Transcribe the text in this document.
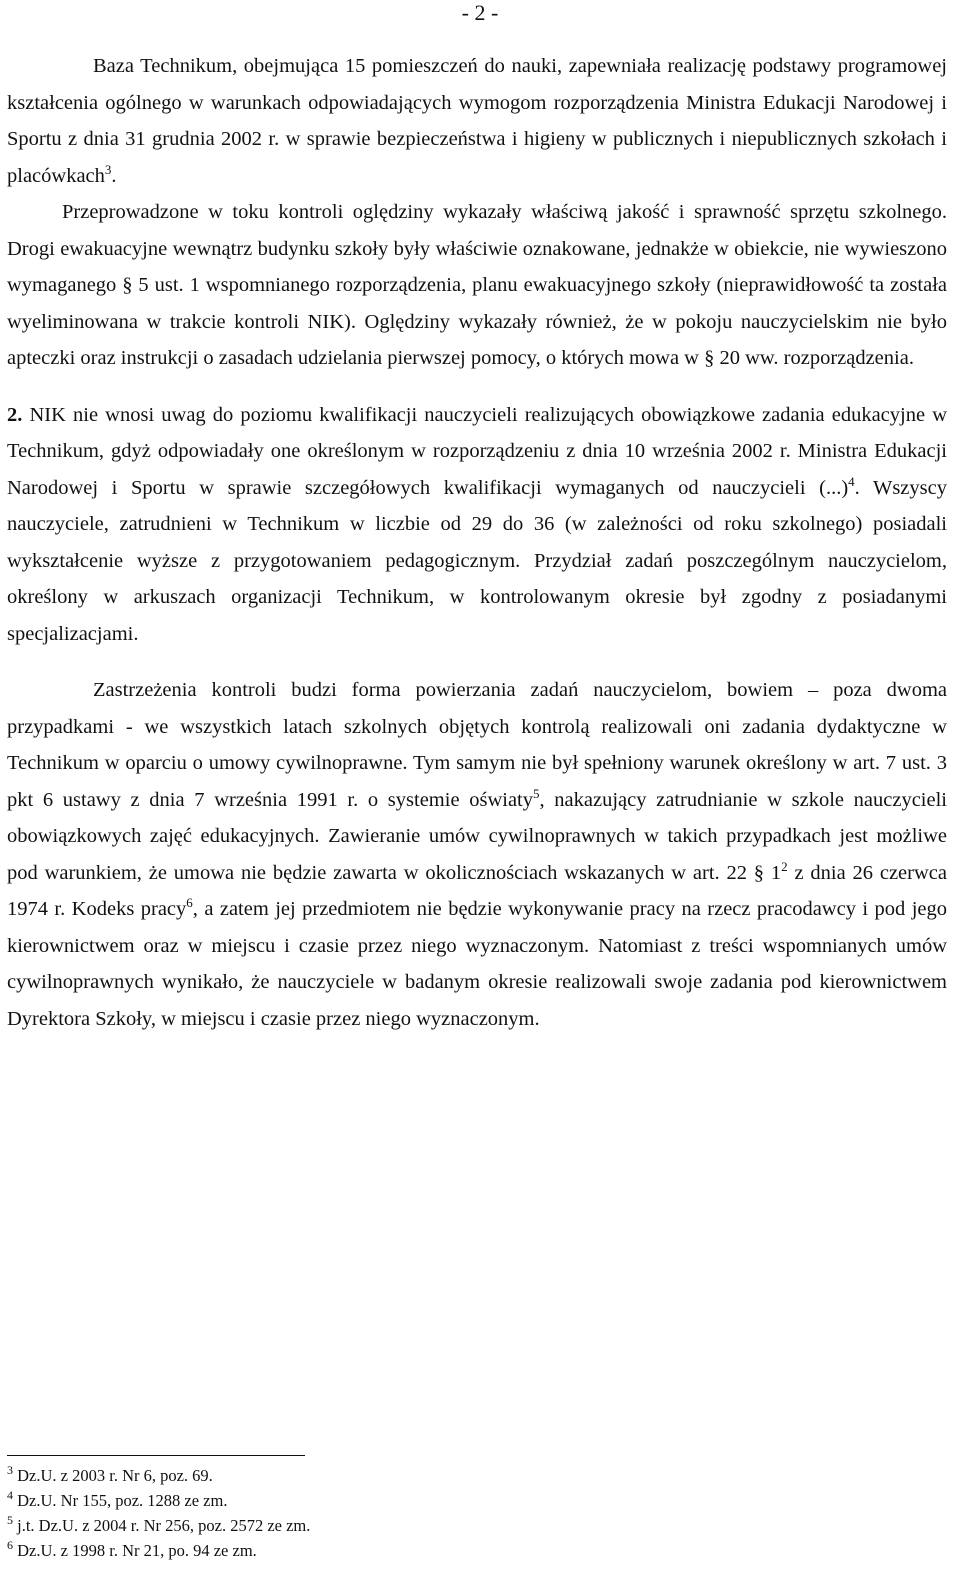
- 2 -

Baza Technikum, obejmująca 15 pomieszczeń do nauki, zapewniała realizację podstawy programowej kształcenia ogólnego w warunkach odpowiadających wymogom rozporządzenia Ministra Edukacji Narodowej i Sportu z dnia 31 grudnia 2002 r. w sprawie bezpieczeństwa i higieny w publicznych i niepublicznych szkołach i placówkach$^3$.

Przeprowadzone w toku kontroli oględziny wykazały właściwą jakość i sprawność sprzętu szkolnego. Drogi ewakuacyjne wewnątrz budynku szkoły były właściwie oznakowane, jednakże w obiekcie, nie wywieszono wymaganego § 5 ust. 1 wspomnianego rozporządzenia, planu ewakuacyjnego szkoły (nieprawidłowość ta została wyeliminowana w trakcie kontroli NIK). Oględziny wykazały również, że w pokoju nauczycielskim nie było apteczki oraz instrukcji o zasadach udzielania pierwszej pomocy, o których mowa w § 20 ww. rozporządzenia.

2. NIK nie wnosi uwag do poziomu kwalifikacji nauczycieli realizujących obowiązkowe zadania edukacyjne w Technikum, gdyż odpowiadały one określonym w rozporządzeniu z dnia 10 września 2002 r. Ministra Edukacji Narodowej i Sportu w sprawie szczegółowych kwalifikacji wymaganych od nauczycieli (...)$^4$. Wszyscy nauczyciele, zatrudnieni w Technikum w liczbie od 29 do 36 (w zależności od roku szkolnego) posiadali wykształcenie wyższe z przygotowaniem pedagogicznym. Przydział zadań poszczególnym nauczycielom, określony w arkuszach organizacji Technikum, w kontrolowanym okresie był zgodny z posiadanymi specjalizacjami.

Zastrzeżenia kontroli budzi forma powierzania zadań nauczycielom, bowiem – poza dwoma przypadkami - we wszystkich latach szkolnych objętych kontrolą realizowali oni zadania dydaktyczne w Technikum w oparciu o umowy cywilnoprawne. Tym samym nie był spełniony warunek określony w art. 7 ust. 3 pkt 6 ustawy z dnia 7 września 1991 r. o systemie oświaty$^5$, nakazujący zatrudnianie w szkole nauczycieli obowiązkowych zajęć edukacyjnych. Zawieranie umów cywilnoprawnych w takich przypadkach jest możliwe pod warunkiem, że umowa nie będzie zawarta w okolicznościach wskazanych w art. 22 § $1^2$ z dnia 26 czerwca 1974 r. Kodeks pracy$^6$, a zatem jej przedmiotem nie będzie wykonywanie pracy na rzecz pracodawcy i pod jego kierownictwem oraz w miejscu i czasie przez niego wyznaczonym. Natomiast z treści wspomnianych umów cywilnoprawnych wynikało, że nauczyciele w badanym okresie realizowali swoje zadania pod kierownictwem Dyrektora Szkoły, w miejscu i czasie przez niego wyznaczonym.

$^3$ Dz.U. z 2003 r. Nr 6, poz. 69.
$^4$ Dz.U. Nr 155, poz. 1288 ze zm.
$^5$ j.t. Dz.U. z 2004 r. Nr 256, poz. 2572 ze zm.
$^6$ Dz.U. z 1998 r. Nr 21, po. 94 ze zm.
